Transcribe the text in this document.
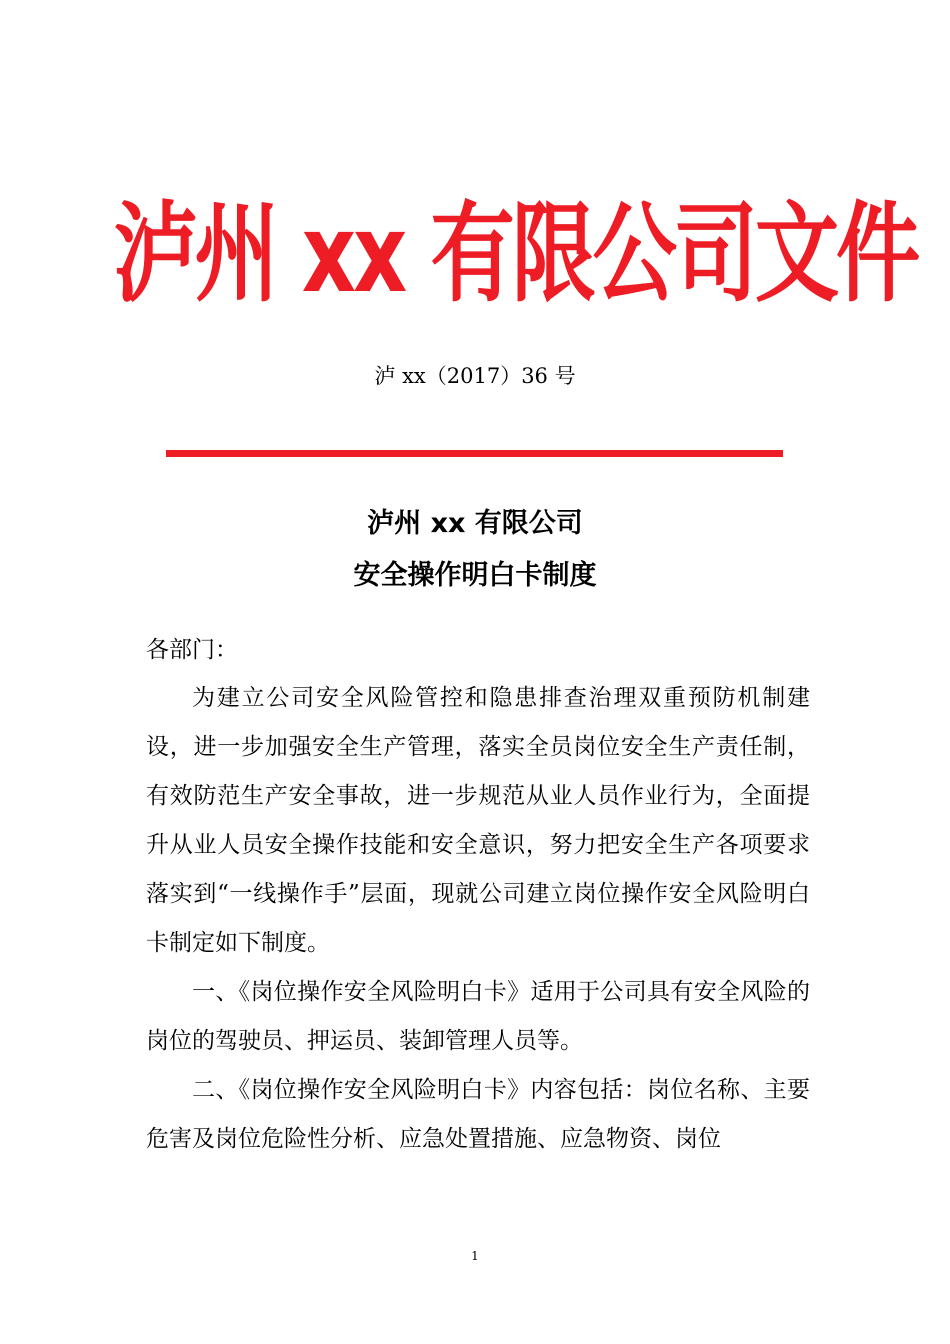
泸州 xx 有限公司文件
泸 xx（2017）36 号
泸州 xx 有限公司
安全操作明白卡制度
各部门：

为建立公司安全风险管控和隐患排查治理双重预防机制建设，进一步加强安全生产管理，落实全员岗位安全生产责任制，有效防范生产安全事故，进一步规范从业人员作业行为，全面提升从业人员安全操作技能和安全意识，努力把安全生产各项要求落实到“一线操作手”层面，现就公司建立岗位操作安全风险明白卡制定如下制度。

一、《岗位操作安全风险明白卡》适用于公司具有安全风险的岗位的驾驶员、押运员、装卸管理人员等。

二、《岗位操作安全风险明白卡》内容包括：岗位名称、主要危害及岗位危险性分析、应急处置措施、应急物资、岗位

1
